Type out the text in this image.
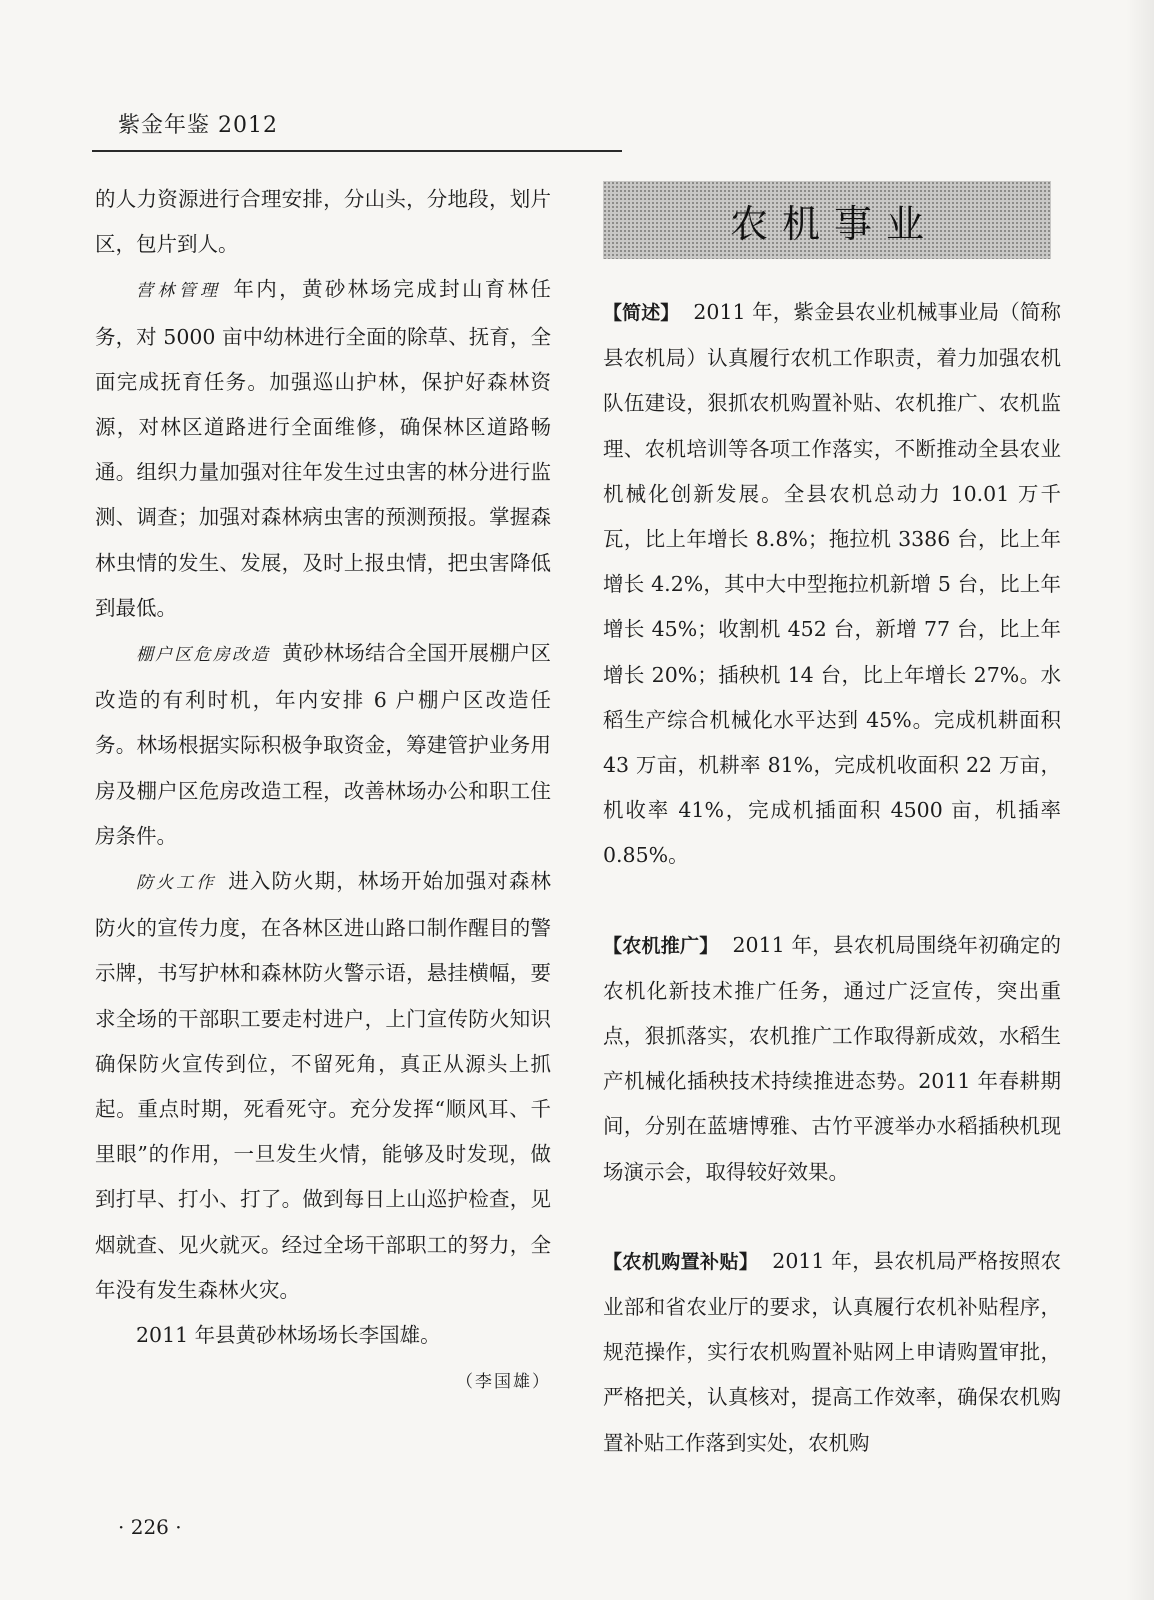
紫金年鉴 2012

的人力资源进行合理安排，分山头，分地段，划片区，包片到人。

营林管理 年内，黄砂林场完成封山育林任务，对 5000 亩中幼林进行全面的除草、抚育，全面完成抚育任务。加强巡山护林，保护好森林资源，对林区道路进行全面维修，确保林区道路畅通。组织力量加强对往年发生过虫害的林分进行监测、调查；加强对森林病虫害的预测预报。掌握森林虫情的发生、发展，及时上报虫情，把虫害降低到最低。

棚户区危房改造 黄砂林场结合全国开展棚户区改造的有利时机，年内安排 6 户棚户区改造任务。林场根据实际积极争取资金，筹建管护业务用房及棚户区危房改造工程，改善林场办公和职工住房条件。

防火工作 进入防火期，林场开始加强对森林防火的宣传力度，在各林区进山路口制作醒目的警示牌，书写护林和森林防火警示语，悬挂横幅，要求全场的干部职工要走村进户，上门宣传防火知识确保防火宣传到位，不留死角，真正从源头上抓起。重点时期，死看死守。充分发挥“顺风耳、千里眼”的作用，一旦发生火情，能够及时发现，做到打早、打小、打了。做到每日上山巡护检查，见烟就查、见火就灭。经过全场干部职工的努力，全年没有发生森林火灾。

2011 年县黄砂林场场长李国雄。

（李国雄）
农机事业

【简述】 2011 年，紫金县农业机械事业局（简称县农机局）认真履行农机工作职责，着力加强农机队伍建设，狠抓农机购置补贴、农机推广、农机监理、农机培训等各项工作落实，不断推动全县农业机械化创新发展。全县农机总动力 10.01 万千瓦，比上年增长 8.8%；拖拉机 3386 台，比上年增长 4.2%，其中大中型拖拉机新增 5 台，比上年增长 45%；收割机 452 台，新增 77 台，比上年增长 20%；插秧机 14 台，比上年增长 27%。水稻生产综合机械化水平达到 45%。完成机耕面积 43 万亩，机耕率 81%，完成机收面积 22 万亩，机收率 41%，完成机插面积 4500 亩，机插率 0.85%。

【农机推广】 2011 年，县农机局围绕年初确定的农机化新技术推广任务，通过广泛宣传，突出重点，狠抓落实，农机推广工作取得新成效，水稻生产机械化插秧技术持续推进态势。2011 年春耕期间，分别在蓝塘博雅、古竹平渡举办水稻插秧机现场演示会，取得较好效果。

【农机购置补贴】 2011 年，县农机局严格按照农业部和省农业厅的要求，认真履行农机补贴程序，规范操作，实行农机购置补贴网上申请购置审批，严格把关，认真核对，提高工作效率，确保农机购置补贴工作落到实处，农机购

· 226 ·
